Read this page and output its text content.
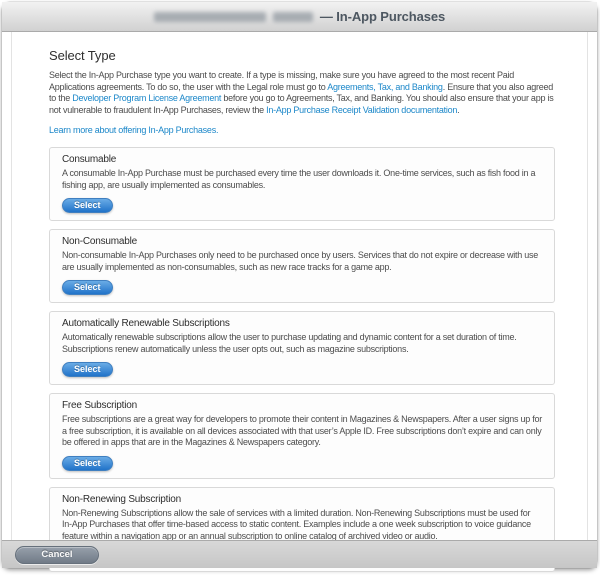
— In-App Purchases
Select Type
Select the In-App Purchase type you want to create. If a type is missing, make sure you have agreed to the most recent Paid Applications agreements. To do so, the user with the Legal role must go to Agreements, Tax, and Banking. Ensure that you also agreed to the Developer Program License Agreement before you go to Agreements, Tax, and Banking. You should also ensure that your app is not vulnerable to fraudulent In-App Purchases, review the In-App Purchase Receipt Validation documentation.
Learn more about offering In-App Purchases.
Consumable
A consumable In-App Purchase must be purchased every time the user downloads it. One-time services, such as fish food in a fishing app, are usually implemented as consumables.
Select
Non-Consumable
Non-consumable In-App Purchases only need to be purchased once by users. Services that do not expire or decrease with use are usually implemented as non-consumables, such as new race tracks for a game app.
Select
Automatically Renewable Subscriptions
Automatically renewable subscriptions allow the user to purchase updating and dynamic content for a set duration of time. Subscriptions renew automatically unless the user opts out, such as magazine subscriptions.
Select
Free Subscription
Free subscriptions are a great way for developers to promote their content in Magazines & Newspapers. After a user signs up for a free subscription, it is available on all devices associated with that user’s Apple ID. Free subscriptions don’t expire and can only be offered in apps that are in the Magazines & Newspapers category.
Select
Non-Renewing Subscription
Non-Renewing Subscriptions allow the sale of services with a limited duration. Non-Renewing Subscriptions must be used for In-App Purchases that offer time-based access to static content. Examples include a one week subscription to voice guidance feature within a navigation app or an annual subscription to online catalog of archived video or audio.
Cancel
